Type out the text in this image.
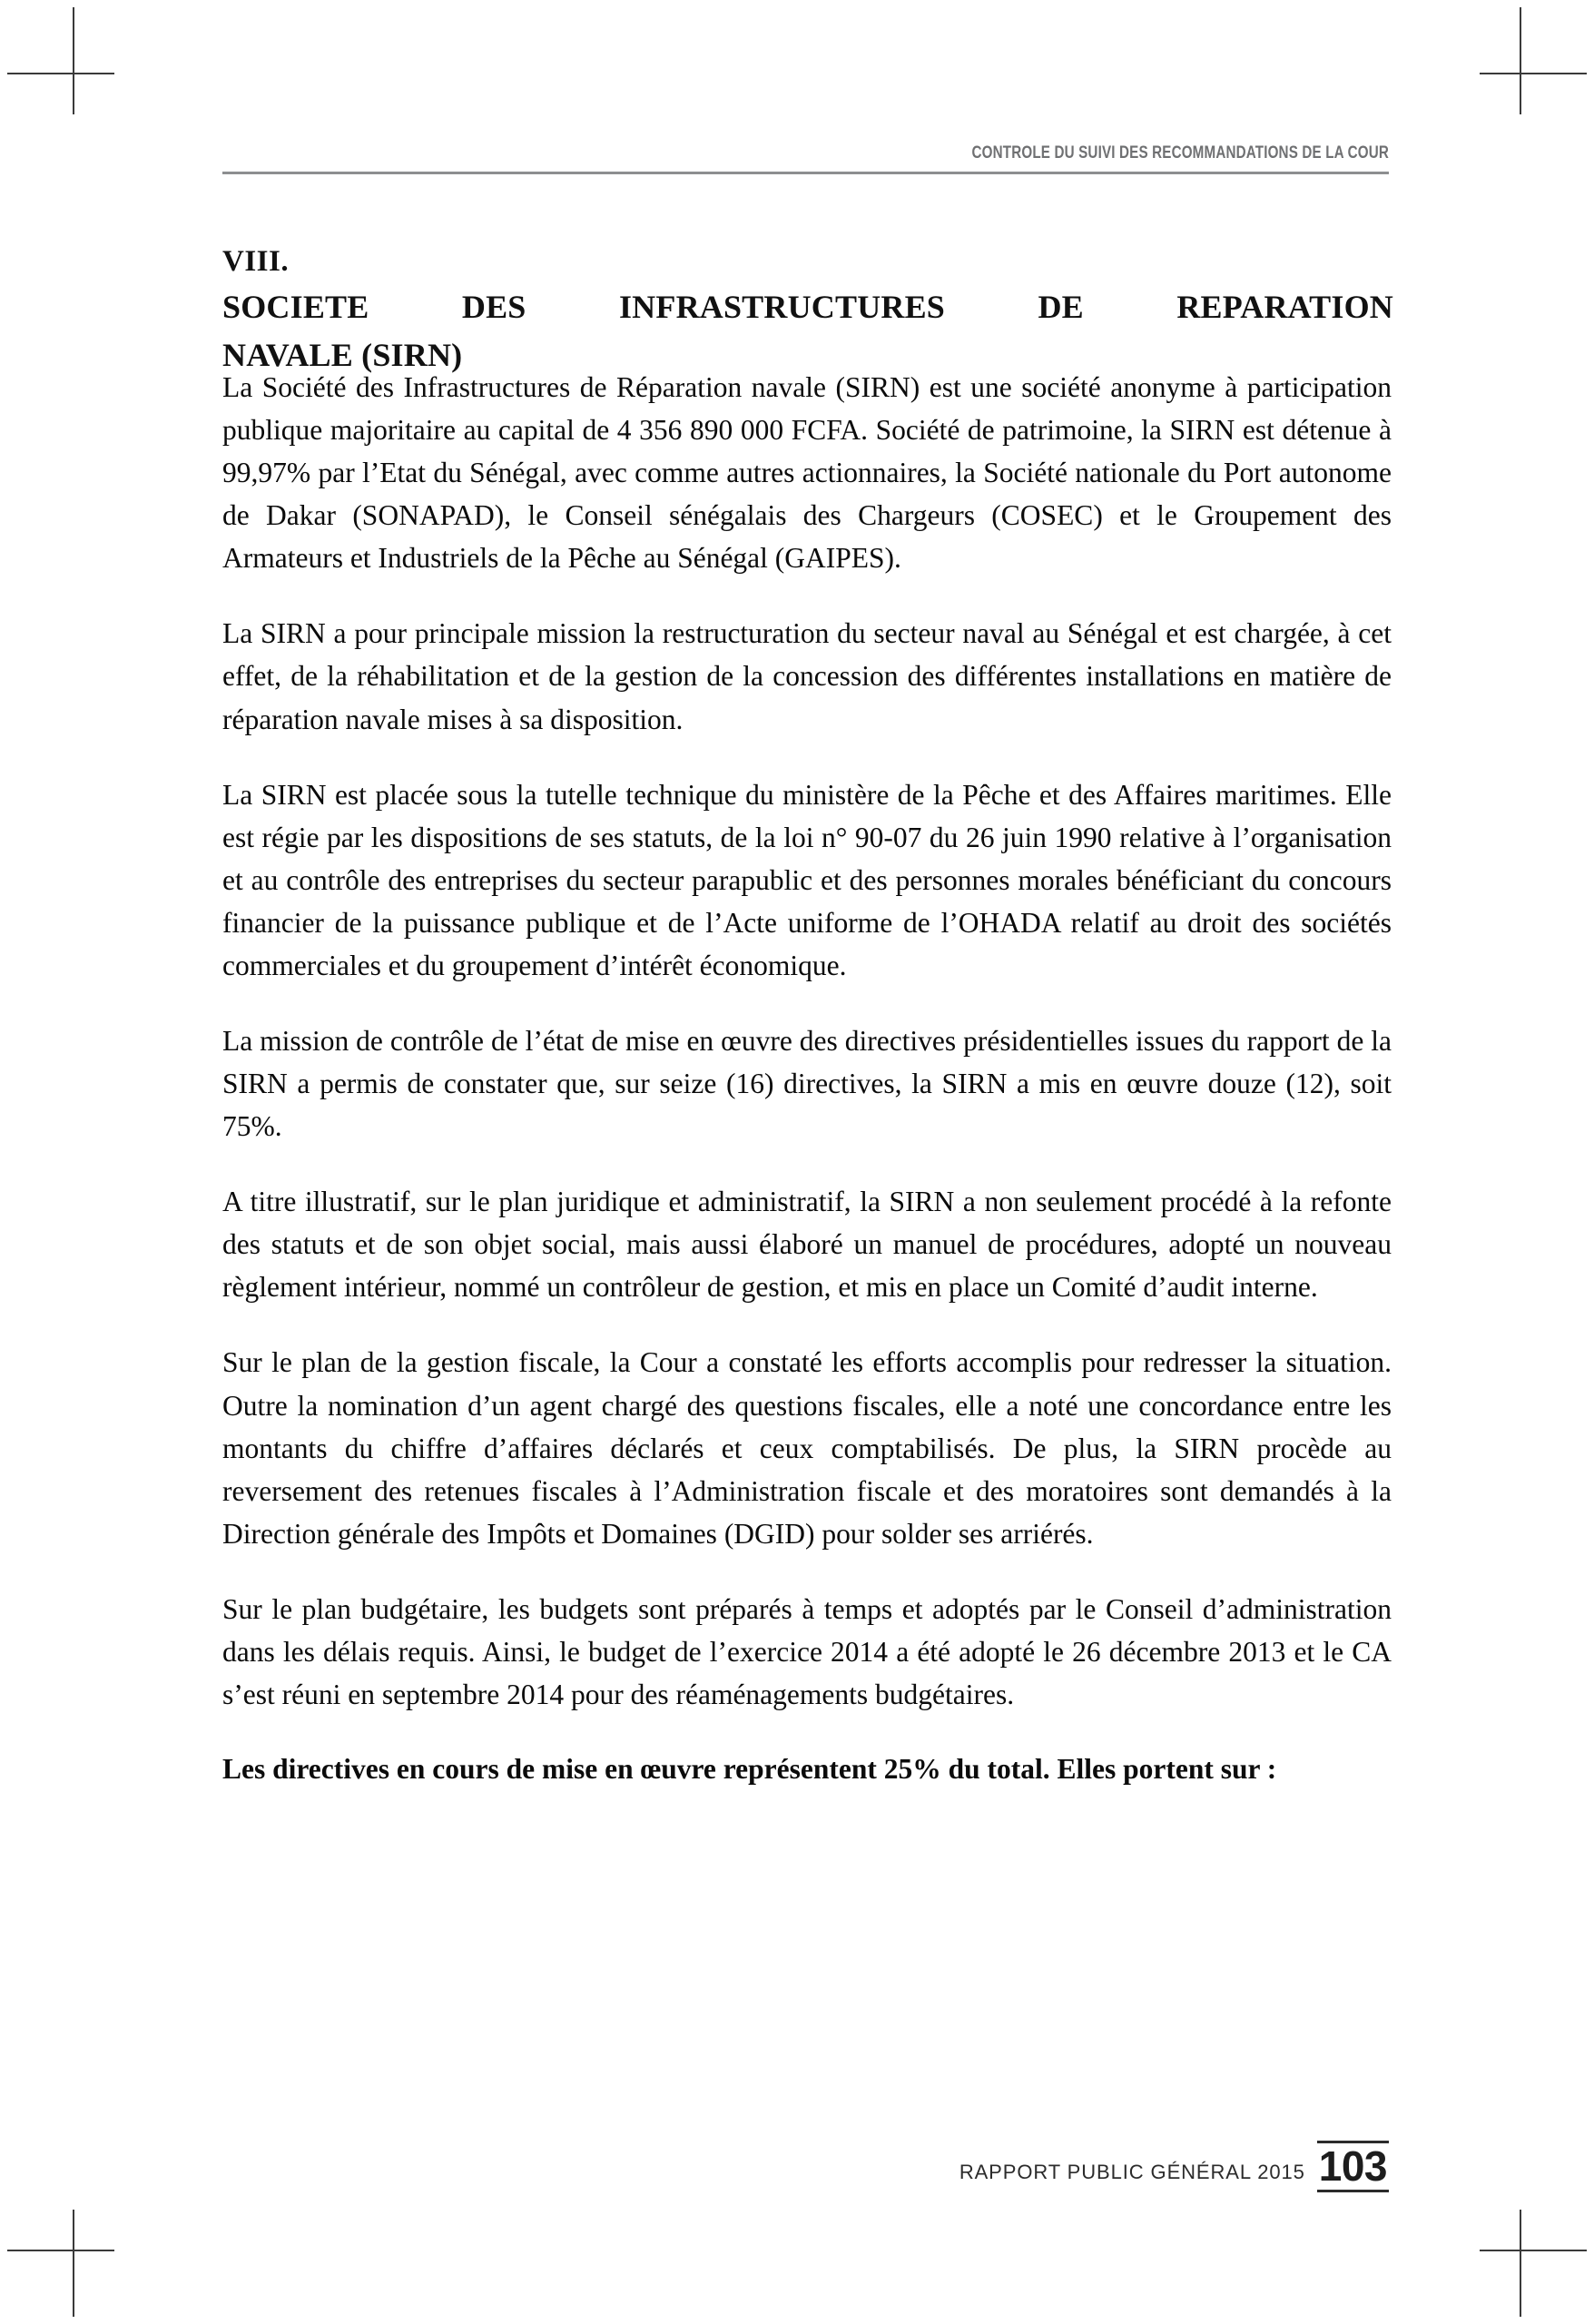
CONTROLE DU SUIVI DES RECOMMANDATIONS DE LA COUR
VIII.
SOCIETE   DES   INFRASTRUCTURES   DE   REPARATION
NAVALE (SIRN)

La Société des Infrastructures de Réparation navale (SIRN) est une société anonyme à participation publique majoritaire au capital de 4 356 890 000 FCFA. Société de patrimoine, la SIRN est détenue à 99,97% par l’Etat du Sénégal, avec comme autres actionnaires, la Société nationale du Port autonome de Dakar (SONAPAD), le Conseil sénégalais des Chargeurs (COSEC) et le Groupement des Armateurs et Industriels de la Pêche au Sénégal (GAIPES).

La SIRN a pour principale mission la restructuration du secteur naval au Sénégal et est chargée, à cet effet, de la réhabilitation et de la gestion de la concession des différentes installations en matière de réparation navale mises à sa disposition.

La SIRN est placée sous la tutelle technique du ministère de la Pêche et des Affaires maritimes. Elle est régie par les dispositions de ses statuts, de la loi n° 90-07 du 26 juin 1990 relative à l’organisation et au contrôle des entreprises du secteur parapublic et des personnes morales bénéficiant du concours financier de la puissance publique et de l’Acte uniforme de l’OHADA relatif au droit des sociétés commerciales et du groupement d’intérêt économique.

La mission de contrôle de l’état de mise en œuvre des directives présidentielles issues du rapport de la SIRN a permis de constater que, sur seize (16) directives, la SIRN a mis en œuvre douze (12), soit 75%.

A titre illustratif, sur le plan juridique et administratif, la SIRN a non seulement procédé à la refonte des statuts et de son objet social, mais aussi élaboré un manuel de procédures, adopté un nouveau règlement intérieur, nommé un contrôleur de gestion, et mis en place un Comité d’audit interne.

Sur le plan de la gestion fiscale, la Cour a constaté les efforts accomplis pour redresser la situation. Outre la nomination d’un agent chargé des questions fiscales, elle a noté une concordance entre les montants du chiffre d’affaires déclarés et ceux comptabilisés. De plus, la SIRN procède au reversement des retenues fiscales à l’Administration fiscale et des moratoires sont demandés à la Direction générale des Impôts et Domaines (DGID) pour solder ses arriérés.

Sur le plan budgétaire, les budgets sont préparés à temps et adoptés par le Conseil d’administration dans les délais requis. Ainsi, le budget de l’exercice 2014 a été adopté le 26 décembre 2013 et le CA s’est réuni en septembre 2014 pour des réaménagements budgétaires.

Les directives en cours de mise en œuvre représentent 25% du total. Elles portent sur :

RAPPORT PUBLIC GÉNÉRAL 2015 103
